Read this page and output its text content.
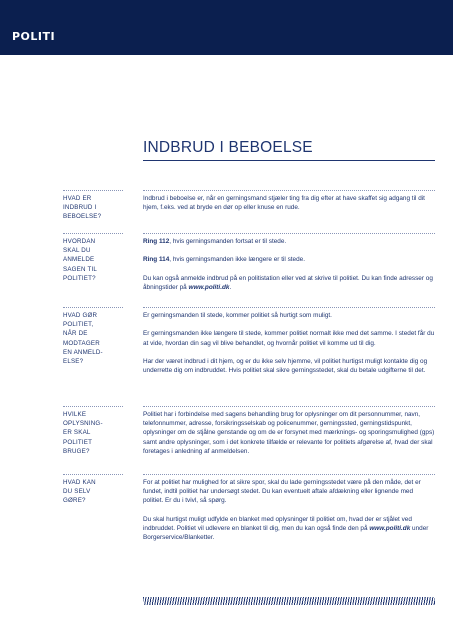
POLITI
INDBRUD I BEBOELSE
HVAD ER
INDBRUD I
BEBOELSE?

Indbrud i beboelse er, når en gerningsmand stjæler ting fra dig efter at have skaffet sig adgang til dit hjem, f.eks. ved at bryde en dør op eller knuse en rude.

HVORDAN
SKAL DU
ANMELDE
SAGEN TIL
POLITIET?

Ring 112, hvis gerningsmanden fortsat er til stede.

Ring 114, hvis gerningsmanden ikke længere er til stede.

Du kan også anmelde indbrud på en politistation eller ved at skrive til politiet. Du kan finde adresser og åbningstider på www.politi.dk.

HVAD GØR
POLITIET,
NÅR DE
MODTAGER
EN ANMELD-
ELSE?

Er gerningsmanden til stede, kommer politiet så hurtigt som muligt.

Er gerningsmanden ikke længere til stede, kommer politiet normalt ikke med det samme. I stedet får du at vide, hvordan din sag vil blive behandlet, og hvornår politiet vil komme ud til dig.

Har der været indbrud i dit hjem, og er du ikke selv hjemme, vil politiet hurtigst muligt kontakte dig og underrette dig om indbruddet. Hvis politiet skal sikre gerningsstedet, skal du betale udgifterne til det.

HVILKE
OPLYSNING-
ER SKAL
POLITIET
BRUGE?

Politiet har i forbindelse med sagens behandling brug for oplysninger om dit personnummer, navn, telefonnummer, adresse, forsikringsselskab og policenummer, gerningssted, gerningstidspunkt, oplysninger om de stjålne genstande og om de er forsynet med mærknings- og sporingsmulighed (gps) samt andre oplysninger, som i det konkrete tilfælde er relevante for politiets afgørelse af, hvad der skal foretages i anledning af anmeldelsen.

HVAD KAN
DU SELV
GØRE?

For at politiet har mulighed for at sikre spor, skal du lade gerningsstedet være på den måde, det er fundet, indtil politiet har undersøgt stedet. Du kan eventuelt aftale afdækning eller lignende med politiet. Er du i tvivl, så spørg.

Du skal hurtigst muligt udfylde en blanket med oplysninger til politiet om, hvad der er stjålet ved indbruddet. Politiet vil udlevere en blanket til dig, men du kan også finde den på www.politi.dk under Borgerservice/Blanketter.
